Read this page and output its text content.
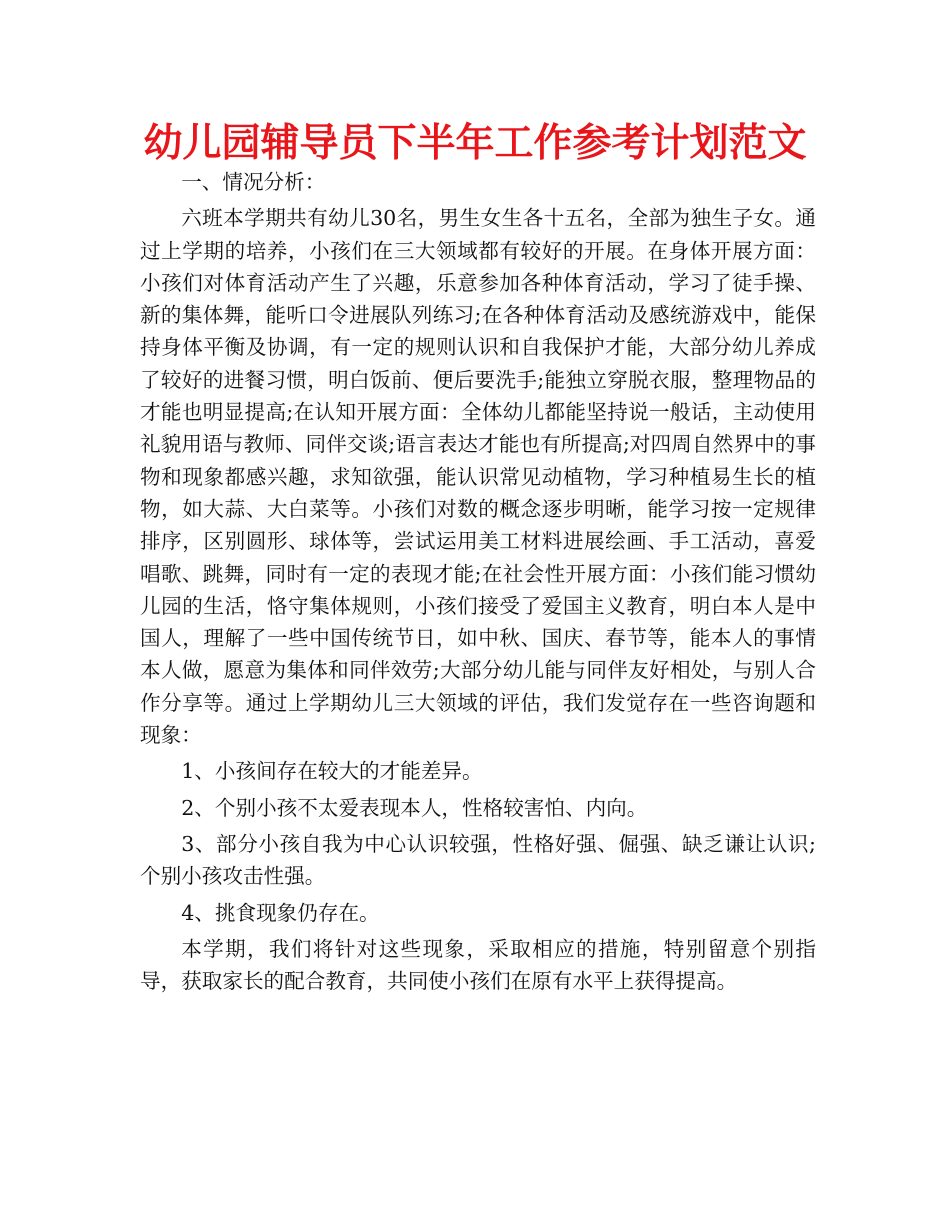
幼儿园辅导员下半年工作参考计划范文

一、情况分析：

六班本学期共有幼儿30名，男生女生各十五名，全部为独生子女。通过上学期的培养，小孩们在三大领域都有较好的开展。在身体开展方面：小孩们对体育活动产生了兴趣，乐意参加各种体育活动，学习了徒手操、新的集体舞，能听口令进展队列练习;在各种体育活动及感统游戏中，能保持身体平衡及协调，有一定的规则认识和自我保护才能，大部分幼儿养成了较好的进餐习惯，明白饭前、便后要洗手;能独立穿脱衣服，整理物品的才能也明显提高;在认知开展方面：全体幼儿都能坚持说一般话，主动使用礼貌用语与教师、同伴交谈;语言表达才能也有所提高;对四周自然界中的事物和现象都感兴趣，求知欲强，能认识常见动植物，学习种植易生长的植物，如大蒜、大白菜等。小孩们对数的概念逐步明晰，能学习按一定规律排序，区别圆形、球体等，尝试运用美工材料进展绘画、手工活动，喜爱唱歌、跳舞，同时有一定的表现才能;在社会性开展方面：小孩们能习惯幼儿园的生活，恪守集体规则，小孩们接受了爱国主义教育，明白本人是中国人，理解了一些中国传统节日，如中秋、国庆、春节等，能本人的事情本人做，愿意为集体和同伴效劳;大部分幼儿能与同伴友好相处，与别人合作分享等。通过上学期幼儿三大领域的评估，我们发觉存在一些咨询题和现象：

1、小孩间存在较大的才能差异。

2、个别小孩不太爱表现本人，性格较害怕、内向。

3、部分小孩自我为中心认识较强，性格好强、倔强、缺乏谦让认识;个别小孩攻击性强。

4、挑食现象仍存在。

本学期，我们将针对这些现象，采取相应的措施，特别留意个别指导，获取家长的配合教育，共同使小孩们在原有水平上获得提高。
